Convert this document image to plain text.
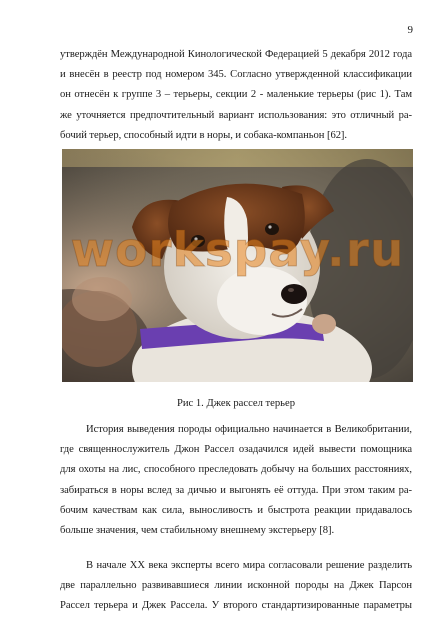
9
утверждён Международной Кинологической Федерацией 5 декабря 2012 года
и внесён в реестр под номером 345. Согласно утвержденной классификации
он отнесён к группе 3 – терьеры, секции 2 - маленькие терьеры (рис 1). Там
же уточняется предпочтительный вариант использования: это отличный ра-
бочий терьер, способный идти в норы, и собака-компаньон [62].
workspay.ru
Рис 1. Джек рассел терьер
История выведения породы официально начинается в Великобритании,
где священнослужитель Джон Рассел озадачился идей вывести помощника
для охоты на лис, способного преследовать добычу на больших расстояниях,
забираться в норы вслед за дичью и выгонять её оттуда. При этом таким ра-
бочим качествам как сила, выносливость и быстрота реакции придавалось
больше значения, чем стабильному внешнему экстерьеру [8].
В начале XX века эксперты всего мира согласовали решение разделить
две параллельно развивавшиеся линии исконной породы на Джек Парсон
Рассел терьера и Джек Рассела. У второго стандартизированные параметры
